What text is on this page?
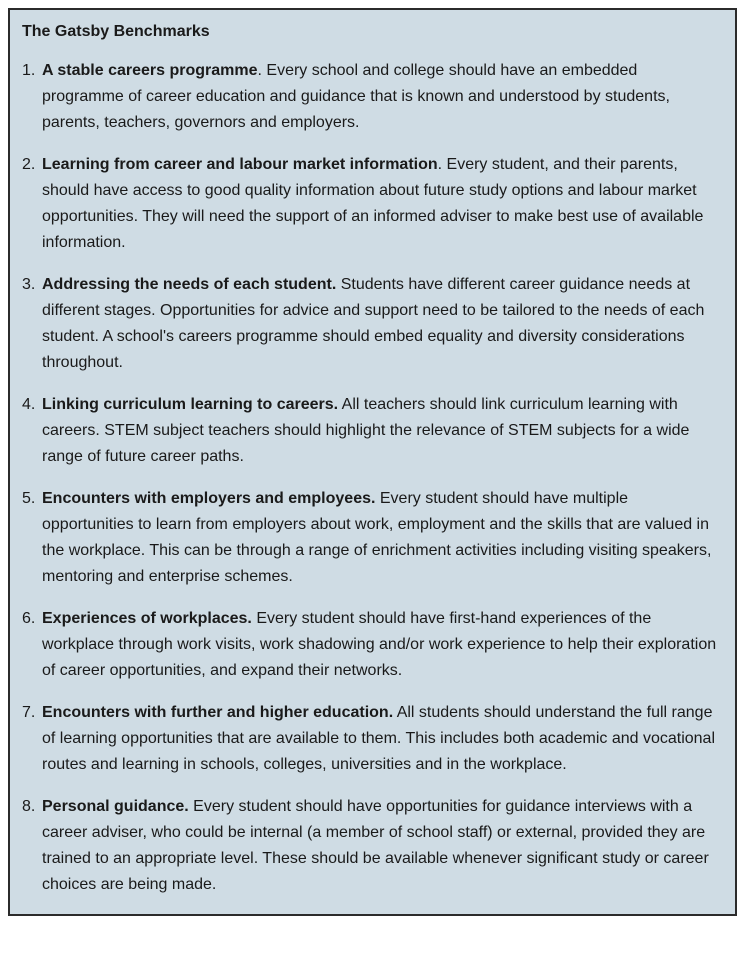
The Gatsby Benchmarks
1. A stable careers programme. Every school and college should have an embedded programme of career education and guidance that is known and understood by students, parents, teachers, governors and employers.
2. Learning from career and labour market information. Every student, and their parents, should have access to good quality information about future study options and labour market opportunities. They will need the support of an informed adviser to make best use of available information.
3. Addressing the needs of each student. Students have different career guidance needs at different stages. Opportunities for advice and support need to be tailored to the needs of each student. A school's careers programme should embed equality and diversity considerations throughout.
4. Linking curriculum learning to careers. All teachers should link curriculum learning with careers. STEM subject teachers should highlight the relevance of STEM subjects for a wide range of future career paths.
5. Encounters with employers and employees. Every student should have multiple opportunities to learn from employers about work, employment and the skills that are valued in the workplace. This can be through a range of enrichment activities including visiting speakers, mentoring and enterprise schemes.
6. Experiences of workplaces. Every student should have first-hand experiences of the workplace through work visits, work shadowing and/or work experience to help their exploration of career opportunities, and expand their networks.
7. Encounters with further and higher education. All students should understand the full range of learning opportunities that are available to them. This includes both academic and vocational routes and learning in schools, colleges, universities and in the workplace.
8. Personal guidance. Every student should have opportunities for guidance interviews with a career adviser, who could be internal (a member of school staff) or external, provided they are trained to an appropriate level. These should be available whenever significant study or career choices are being made.
